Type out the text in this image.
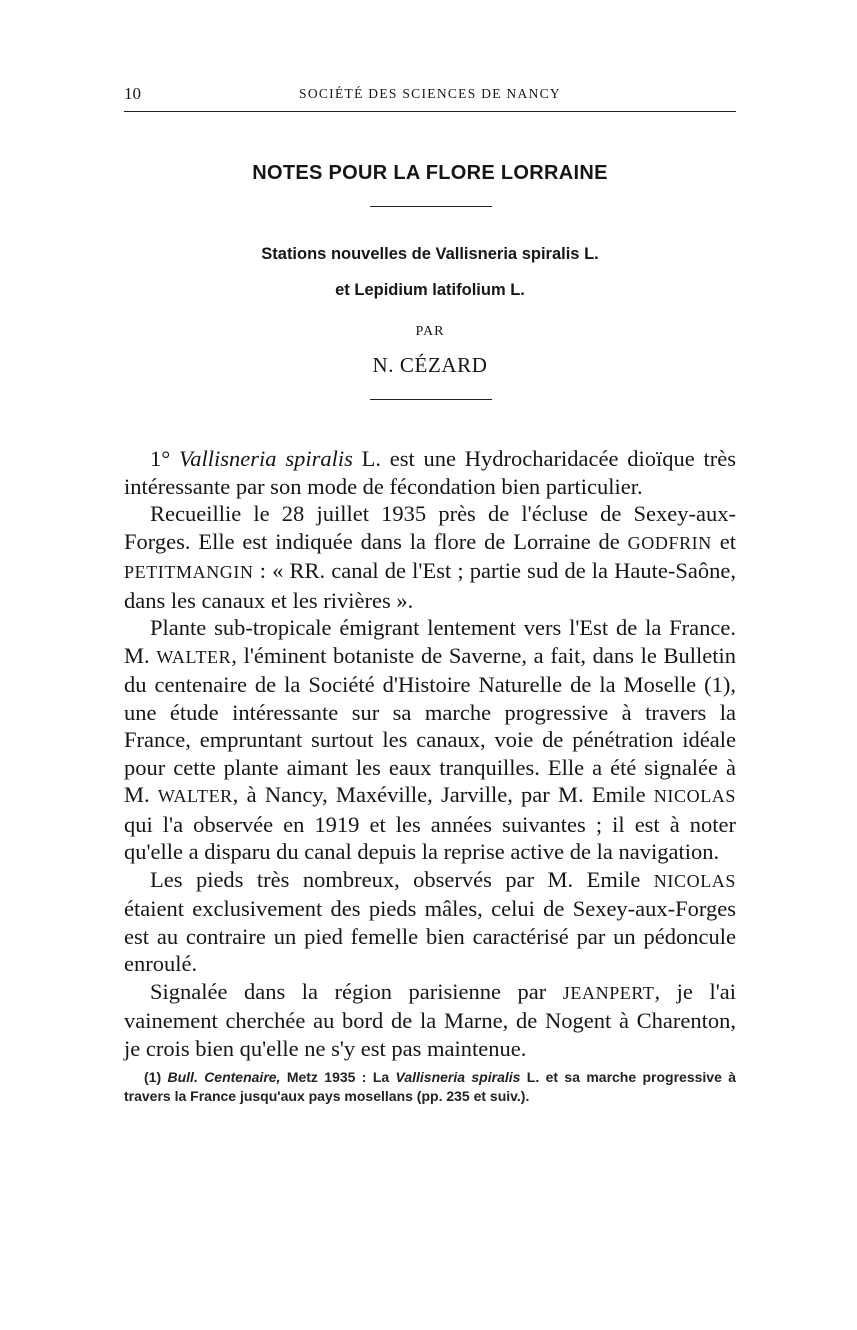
10	SOCIÉTÉ DES SCIENCES DE NANCY
NOTES POUR LA FLORE LORRAINE
Stations nouvelles de Vallisneria spiralis L.
et Lepidium latifolium L.
PAR
N. CÉZARD

1° Vallisneria spiralis L. est une Hydrocharidacée dioïque très intéressante par son mode de fécondation bien particulier.

Recueillie le 28 juillet 1935 près de l'écluse de Sexey-aux-Forges. Elle est indiquée dans la flore de Lorraine de GODFRIN et PETITMANGIN : « RR. canal de l'Est ; partie sud de la Haute-Saône, dans les canaux et les rivières ».

Plante sub-tropicale émigrant lentement vers l'Est de la France. M. WALTER, l'éminent botaniste de Saverne, a fait, dans le Bulletin du centenaire de la Société d'Histoire Naturelle de la Moselle (1), une étude intéressante sur sa marche progressive à travers la France, empruntant surtout les canaux, voie de pénétration idéale pour cette plante aimant les eaux tranquilles. Elle a été signalée à M. WALTER, à Nancy, Maxéville, Jarville, par M. Emile NICOLAS qui l'a observée en 1919 et les années suivantes ; il est à noter qu'elle a disparu du canal depuis la reprise active de la navigation.

Les pieds très nombreux, observés par M. Emile NICOLAS étaient exclusivement des pieds mâles, celui de Sexey-aux-Forges est au contraire un pied femelle bien caractérisé par un pédoncule enroulé.

Signalée dans la région parisienne par JEANPERT, je l'ai vainement cherchée au bord de la Marne, de Nogent à Charenton, je crois bien qu'elle ne s'y est pas maintenue.

(1) Bull. Centenaire, Metz 1935 : La Vallisneria spiralis L. et sa marche progressive à travers la France jusqu'aux pays mosellans (pp. 235 et suiv.).
